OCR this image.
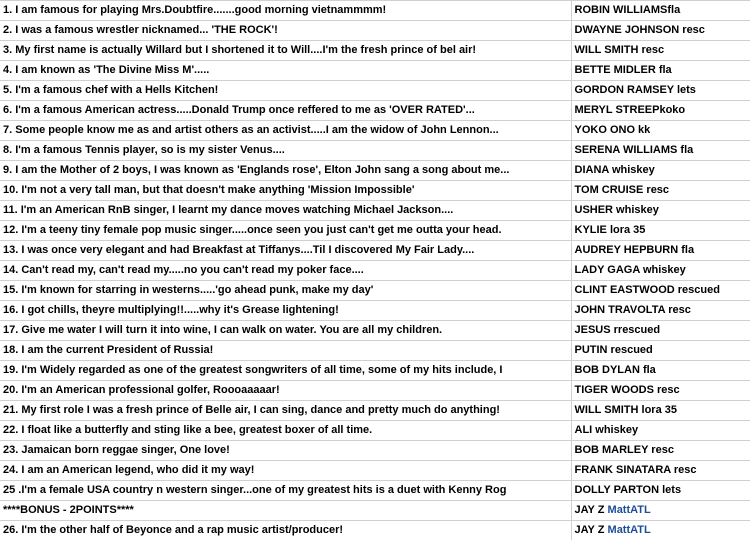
1. I am famous for playing Mrs.Doubtfire.......good morning vietnammmm!	ROBIN WILLIAMSfla
2. I was a famous wrestler nicknamed... 'THE ROCK'!	DWAYNE JOHNSON resc
3. My first name is actually Willard but I shortened it to Will....I'm the fresh prince of bel air!	WILL SMITH resc
4. I am known as 'The Divine Miss M'.....	BETTE MIDLER fla
5. I'm a famous chef with a Hells Kitchen!	GORDON RAMSEY lets
6. I'm a famous American actress.....Donald Trump once reffered to me as 'OVER RATED'...	MERYL STREEPkoko
7. Some people know me as and artist others as an activist.....I am the widow of John Lennon...	YOKO ONO kk
8. I'm a famous Tennis player, so is my sister Venus....	SERENA WILLIAMS fla
9. I am the Mother of 2 boys, I was known as 'Englands rose', Elton John sang a song about me...	DIANA whiskey
10. I'm not a very tall man, but that doesn't make anything 'Mission Impossible'	TOM CRUISE resc
11. I'm an American RnB singer, I learnt my dance moves watching Michael Jackson....	USHER whiskey
12. I'm a teeny tiny female pop music singer.....once seen you just can't get me outta your head.	KYLIE lora 35
13. I was once very elegant and had Breakfast at Tiffanys....Til I discovered My Fair Lady....	AUDREY HEPBURN fla
14. Can't read my, can't read my.....no you can't read my poker face....	LADY GAGA whiskey
15. I'm known for starring in westerns.....'go ahead punk, make my day'	CLINT EASTWOOD rescued
16. I got chills, theyre multiplying!!.....why it's Grease lightening!	JOHN TRAVOLTA resc
17. Give me water I will turn it into wine, I can walk on water. You are all my children.	JESUS rrescued
18. I am the current President of Russia!	PUTIN rescued
19. I'm Widely regarded as one of the greatest songwriters of all time, some of my hits include, I	BOB DYLAN fla
20. I'm an American professional golfer, Roooaaaaar!	TIGER WOODS resc
21. My first role I was a fresh prince of Belle air, I can sing, dance and pretty much do anything!	WILL SMITH lora 35
22. I float like a butterfly and sting like a bee, greatest boxer of all time.	ALI whiskey
23. Jamaican born reggae singer, One love!	BOB MARLEY resc
24. I am an American legend, who did it my way!	FRANK SINATARA resc
25 .I'm a female USA country n western singer...one of my greatest hits is a duet with Kenny Rog	DOLLY PARTON lets
****BONUS - 2POINTS****	JAY Z MattATL
26. I'm the other half of Beyonce and a rap music artist/producer!	JAY Z MattATL
